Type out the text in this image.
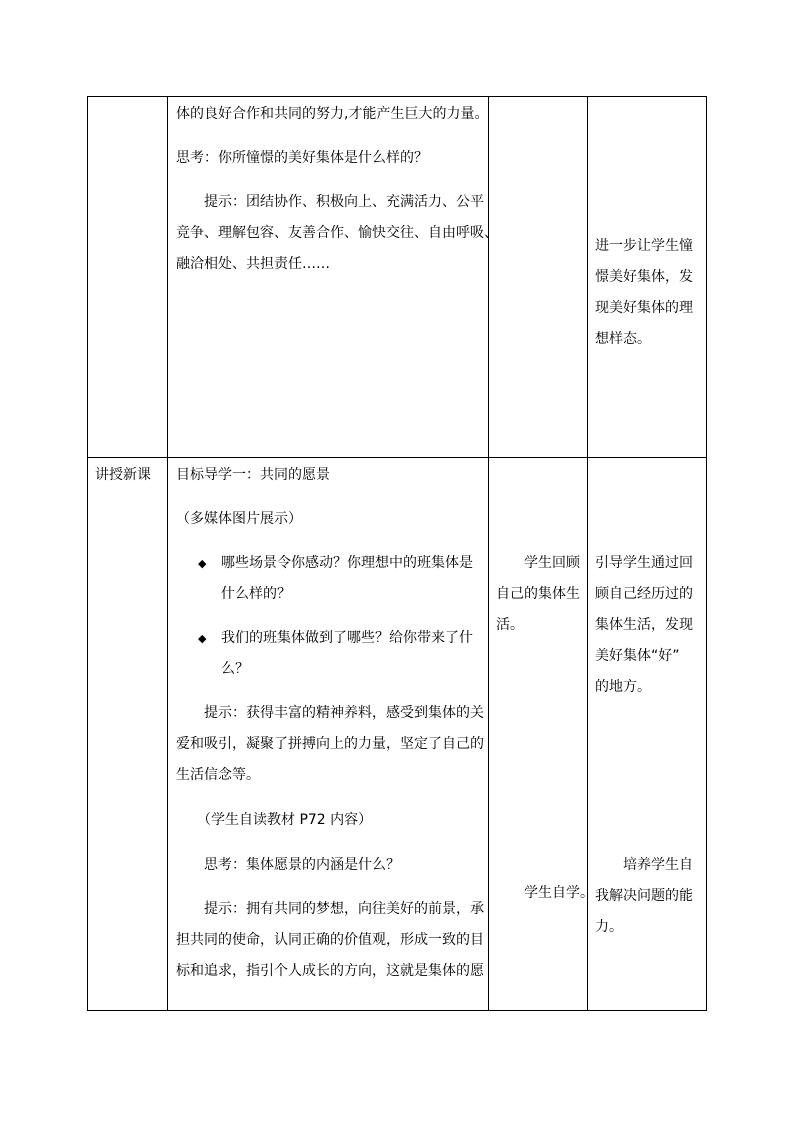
体的良好合作和共同的努力,才能产生巨大的力量。
思考：你所憧憬的美好集体是什么样的？
提示：团结协作、积极向上、充满活力、公平
竞争、理解包容、友善合作、愉快交往、自由呼吸、
融洽相处、共担责任……
进一步让学生憧
憬美好集体，发
现美好集体的理
想样态。
讲授新课 目标导学一：共同的愿景
（多媒体图片展示）
◆ 哪些场景令你感动？你理想中的班集体是
什么样的？
◆ 我们的班集体做到了哪些？给你带来了什
么？
提示：获得丰富的精神养料，感受到集体的关
爱和吸引，凝聚了拼搏向上的力量，坚定了自己的
生活信念等。
（学生自读教材 P72 内容）
思考：集体愿景的内涵是什么？
提示：拥有共同的梦想，向往美好的前景，承
担共同的使命，认同正确的价值观，形成一致的目
标和追求，指引个人成长的方向，这就是集体的愿
学生回顾
自己的集体生
活。
学生自学。
引导学生通过回
顾自己经历过的
集体生活，发现
美好集体“好”
的地方。
培养学生自
我解决问题的能
力。
